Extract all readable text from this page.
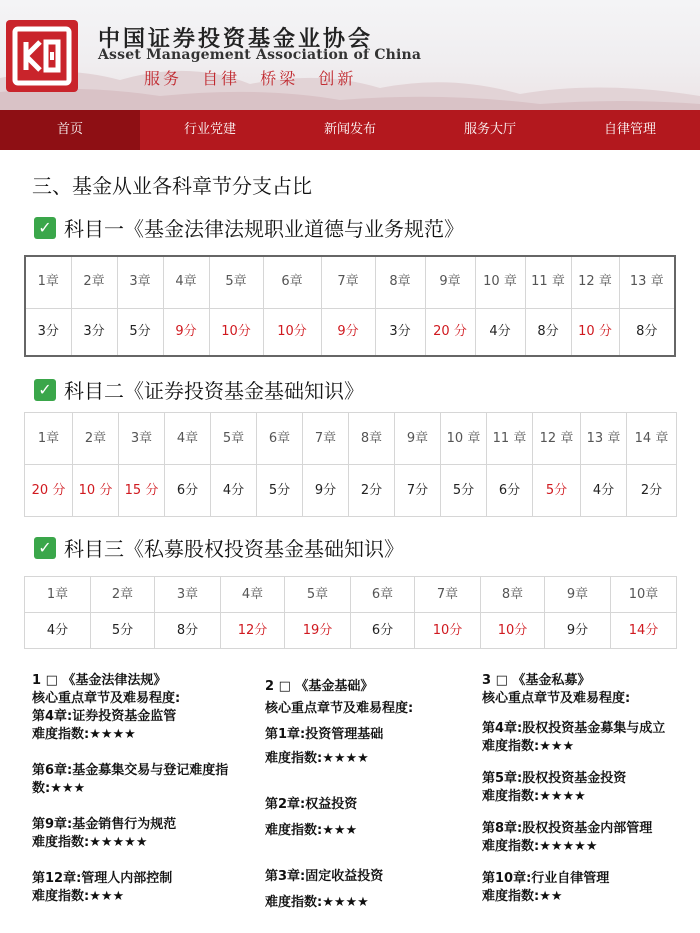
中国证券投资基金业协会
Asset Management Association of China
服务 自律 桥梁 创新
首页	行业党建	新闻发布	服务大厅	自律管理
三、基金从业各科章节分支占比
✓ 科目一《基金法律法规职业道德与业务规范》
1章	2章	3章	4章	5章	6章	7章	8章	9章	10 章	11 章	12 章	13 章
3分	3分	5分	9分	10分	10分	9分	3分	20 分	4分	8分	10 分	8分
✓ 科目二《证券投资基金基础知识》
1章	2章	3章	4章	5章	6章	7章	8章	9章	10 章	11 章	12 章	13 章	14 章
20 分	10 分	15 分	6分	4分	5分	9分	2分	7分	5分	6分	5分	4分	2分
✓ 科目三《私募股权投资基金基础知识》
1章	2章	3章	4章	5章	6章	7章	8章	9章	10章
4分	5分	8分	12分	19分	6分	10分	10分	9分	14分
1 □ 《基金法律法规》
核心重点章节及难易程度:
第4章:证券投资基金监管
难度指数:★★★★
第6章:基金募集交易与登记难度指数:★★★
第9章:基金销售行为规范
难度指数:★★★★★
第12章:管理人内部控制
难度指数:★★★
2 □ 《基金基础》
核心重点章节及难易程度:
第1章:投资管理基础
难度指数:★★★★
第2章:权益投资
难度指数:★★★
第3章:固定收益投资
难度指数:★★★★
3 □ 《基金私募》
核心重点章节及难易程度:
第4章:股权投资基金募集与成立
难度指数:★★★
第5章:股权投资基金投资
难度指数:★★★★
第8章:股权投资基金内部管理
难度指数:★★★★★
第10章:行业自律管理
难度指数:★★
